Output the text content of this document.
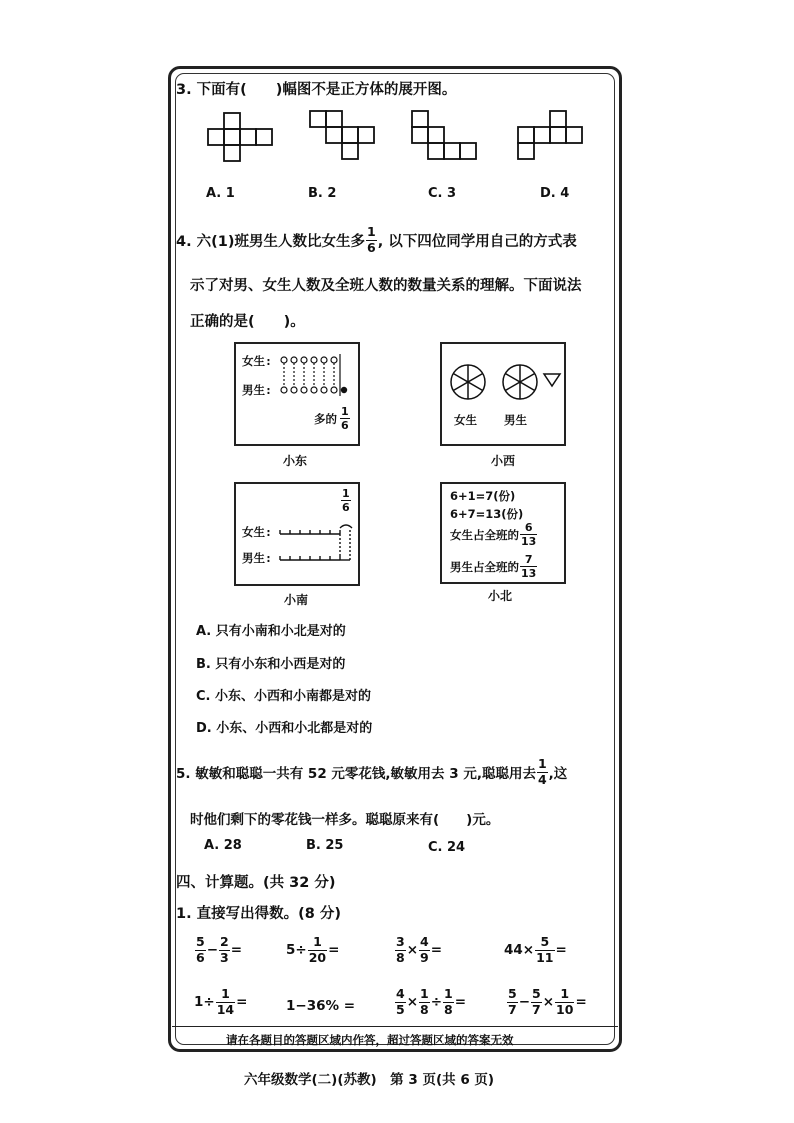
3. 下面有(　　)幅图不是正方体的展开图。
A. 1	B. 2	C. 3	D. 4
4. 六(1)班男生人数比女生多 $\frac{1}{6}$ , 以下四位同学用自己的方式表
示了对男、女生人数及全班人数的数量关系的理解。下面说法
正确的是(　　)。
女生:
男生:
多的 $\frac{1}{6}$
小东
女生 男生
小西
女生:
男生:
$\frac{1}{6}$
小南
6+1=7(份)
6+7=13(份)
女生占全班的 $\frac{6}{13}$
男生占全班的 $\frac{7}{13}$
小北
A. 只有小南和小北是对的
B. 只有小东和小西是对的
C. 小东、小西和小南都是对的
D. 小东、小西和小北都是对的
5. 敏敏和聪聪一共有 52 元零花钱,敏敏用去 3 元,聪聪用去 $\frac{1}{4}$ ,这
时他们剩下的零花钱一样多。聪聪原来有(　　)元。
A. 28	B. 25	C. 24
四、计算题。(共 32 分)
1. 直接写出得数。(8 分)
$\frac{5}{6} - \frac{2}{3}$ =	$5\div \frac{1}{20}$ =	$\frac{3}{8} \times \frac{4}{9}$ =	$44\times \frac{5}{11}$ =
$1\div \frac{1}{14}$ =	1−36% =	$\frac{4}{5} \times \frac{1}{8} \div \frac{1}{8}$ =	$\frac{5}{7} - \frac{5}{7} \times \frac{1}{10}$ =
请在各题目的答题区域内作答，超过答题区域的答案无效
六年级数学(二)(苏教)　第 3 页(共 6 页)
